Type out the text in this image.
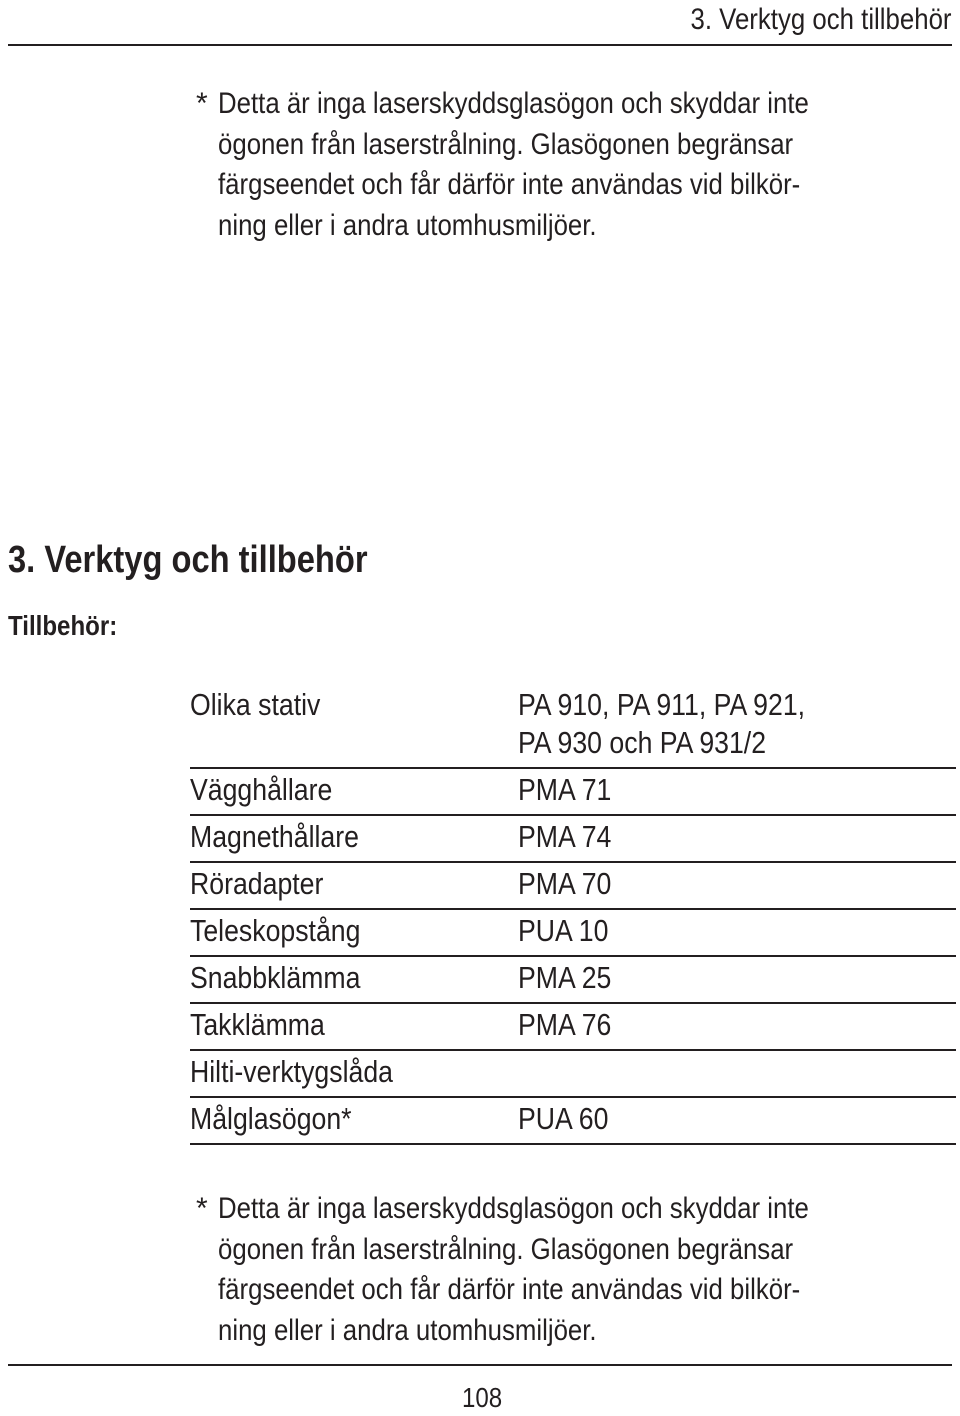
3. Verktyg och tillbehör
* Detta är inga laserskyddsglasögon och skyddar inte
ögonen från laserstrålning. Glasögonen begränsar
färgseendet och får därför inte användas vid bilkör-
ning eller i andra utomhusmiljöer.
3. Verktyg och tillbehör
Tillbehör:
Olika stativ	PA 910, PA 911, PA 921,
PA 930 och PA 931/2
Vägghållare	PMA 71
Magnethållare	PMA 74
Röradapter	PMA 70
Teleskopstång	PUA 10
Snabbklämma	PMA 25
Takklämma	PMA 76
Hilti-verktygslåda
Målglasögon*	PUA 60
* Detta är inga laserskyddsglasögon och skyddar inte
ögonen från laserstrålning. Glasögonen begränsar
färgseendet och får därför inte användas vid bilkör-
ning eller i andra utomhusmiljöer.
108
